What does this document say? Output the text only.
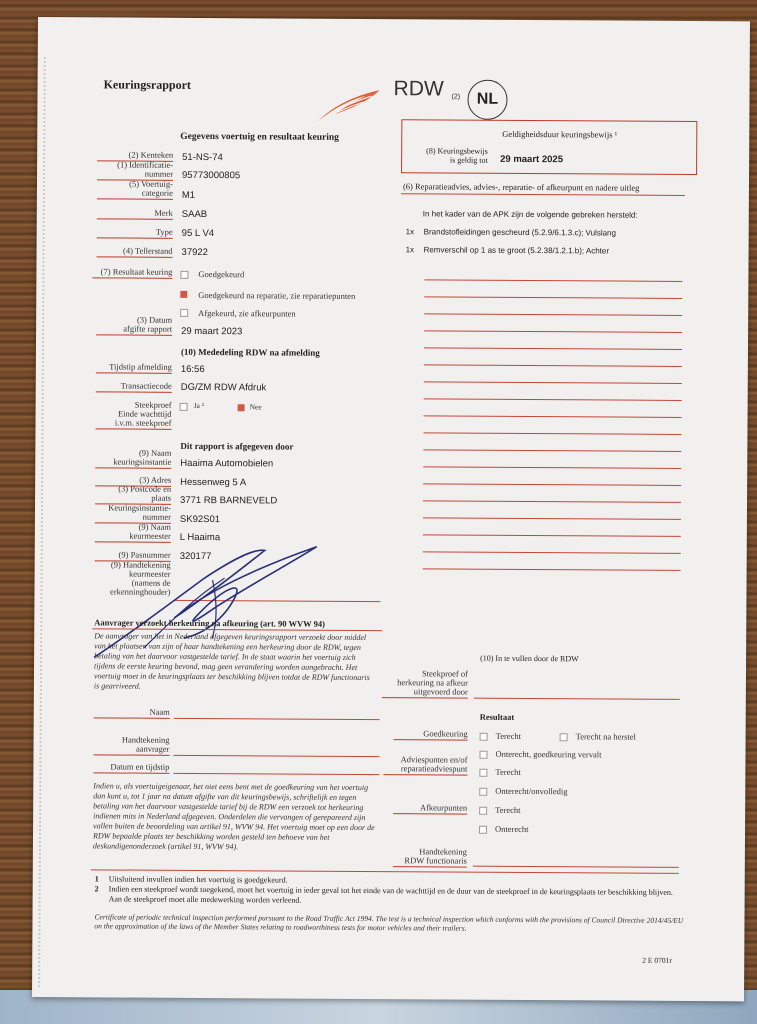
Keuringsrapport	RDW (2)	NL
Gegevens voertuig en resultaat keuring
(2) Kenteken 51-NS-74
(1) Identificatie-
nummer 95773000805
(5) Voertuig-
categorie M1
Merk SAAB
Type 95 L V4
(4) Tellerstand 37922
(7) Resultaat keuring	Goedgekeurd
Goedgekeurd na reparatie, zie reparatiepunten
Afgekeurd, zie afkeurpunten
(3) Datum
afgifte rapport 29 maart 2023
(10) Mededeling RDW na afmelding
Tijdstip afmelding 16:56
Transactiecode DG/ZM RDW Afdruk
Steekproef	Ja ²	Nee
Einde wachttijd
i.v.m. steekproef
Dit rapport is afgegeven door
(9) Naam
keuringsinstantie Haaima Automobielen
(3) Adres Hessenweg 5 A
(3) Postcode en
plaats 3771 RB BARNEVELD
Keuringsinstantie-
nummer SK92S01
(9) Naam
keurmeester L Haaima
(9) Pasnummer 320177
(9) Handtekening
keurmeester
(namens de
erkenninghouder)
Geldigheidsduur keuringsbewijs ¹
(8) Keuringsbewijs
is geldig tot 29 maart 2025
(6) Reparatieadvies, advies-, reparatie- of afkeurpunt en nadere uitleg
In het kader van de APK zijn de volgende gebreken hersteld:
1x Brandstofleidingen gescheurd (5.2.9/6.1.3.c); Vulslang
1x Remverschil op 1 as te groot (5.2.38/1.2.1.b); Achter
Aanvrager verzoekt herkeuring na afkeuring (art. 90 WVW 94)
De aanvrager van het in Nederland afgegeven keuringsrapport verzoekt door middel van het plaatsen van zijn of haar handtekening een herkeuring door de RDW, tegen betaling van het daarvoor vastgestelde tarief. In de staat waarin het voertuig zich tijdens de eerste keuring bevond, mag geen verandering worden aangebracht. Het voertuig moet in de keuringsplaats ter beschikking blijven totdat de RDW functionaris is gearriveerd.
Naam
Handtekening
aanvrager
Datum en tijdstip
Indien u, als voertuigeigenaar, het niet eens bent met de goedkeuring van het voertuig dan kunt u, tot 1 jaar na datum afgifte van dit keuringsbewijs, schriftelijk en tegen betaling van het daarvoor vastgestelde tarief bij de RDW een verzoek tot herkeuring indienen mits in Nederland afgegeven. Onderdelen die vervangen of gerepareerd zijn vallen buiten de beoordeling van artikel 91, WVW 94. Het voertuig moet op een door de RDW bepaalde plaats ter beschikking worden gesteld ten behoeve van het deskundigenonderzoek (artikel 91, WVW 94).
(10) In te vullen door de RDW
Steekproef of
herkeuring na afkeur
uitgevoerd door
Resultaat
Goedkeuring	Terecht	Terecht na herstel
Onterecht, goedkeuring vervalt
Adviespunten en/of
reparatieadviespunt	Terecht
Onterecht/onvolledig
Afkeurpunten	Terecht
Onterecht
Handtekening
RDW functionaris
1 Uitsluitend invullen indien het voertuig is goedgekeurd.
2 Indien een steekproef wordt toegekend, moet het voertuig in ieder geval tot het einde van de wachttijd en de duur van de steekproef in de keuringsplaats ter beschikking blijven. Aan de steekproef moet alle medewerking worden verleend.
Certificate of periodic technical inspection performed pursuant to the Road Traffic Act 1994. The test is a technical inspection which conforms with the provisions of Council Directive 2014/45/EU on the approximation of the laws of the Member States relating to roadworthiness tests for motor vehicles and their trailers.
2 E 0701r
